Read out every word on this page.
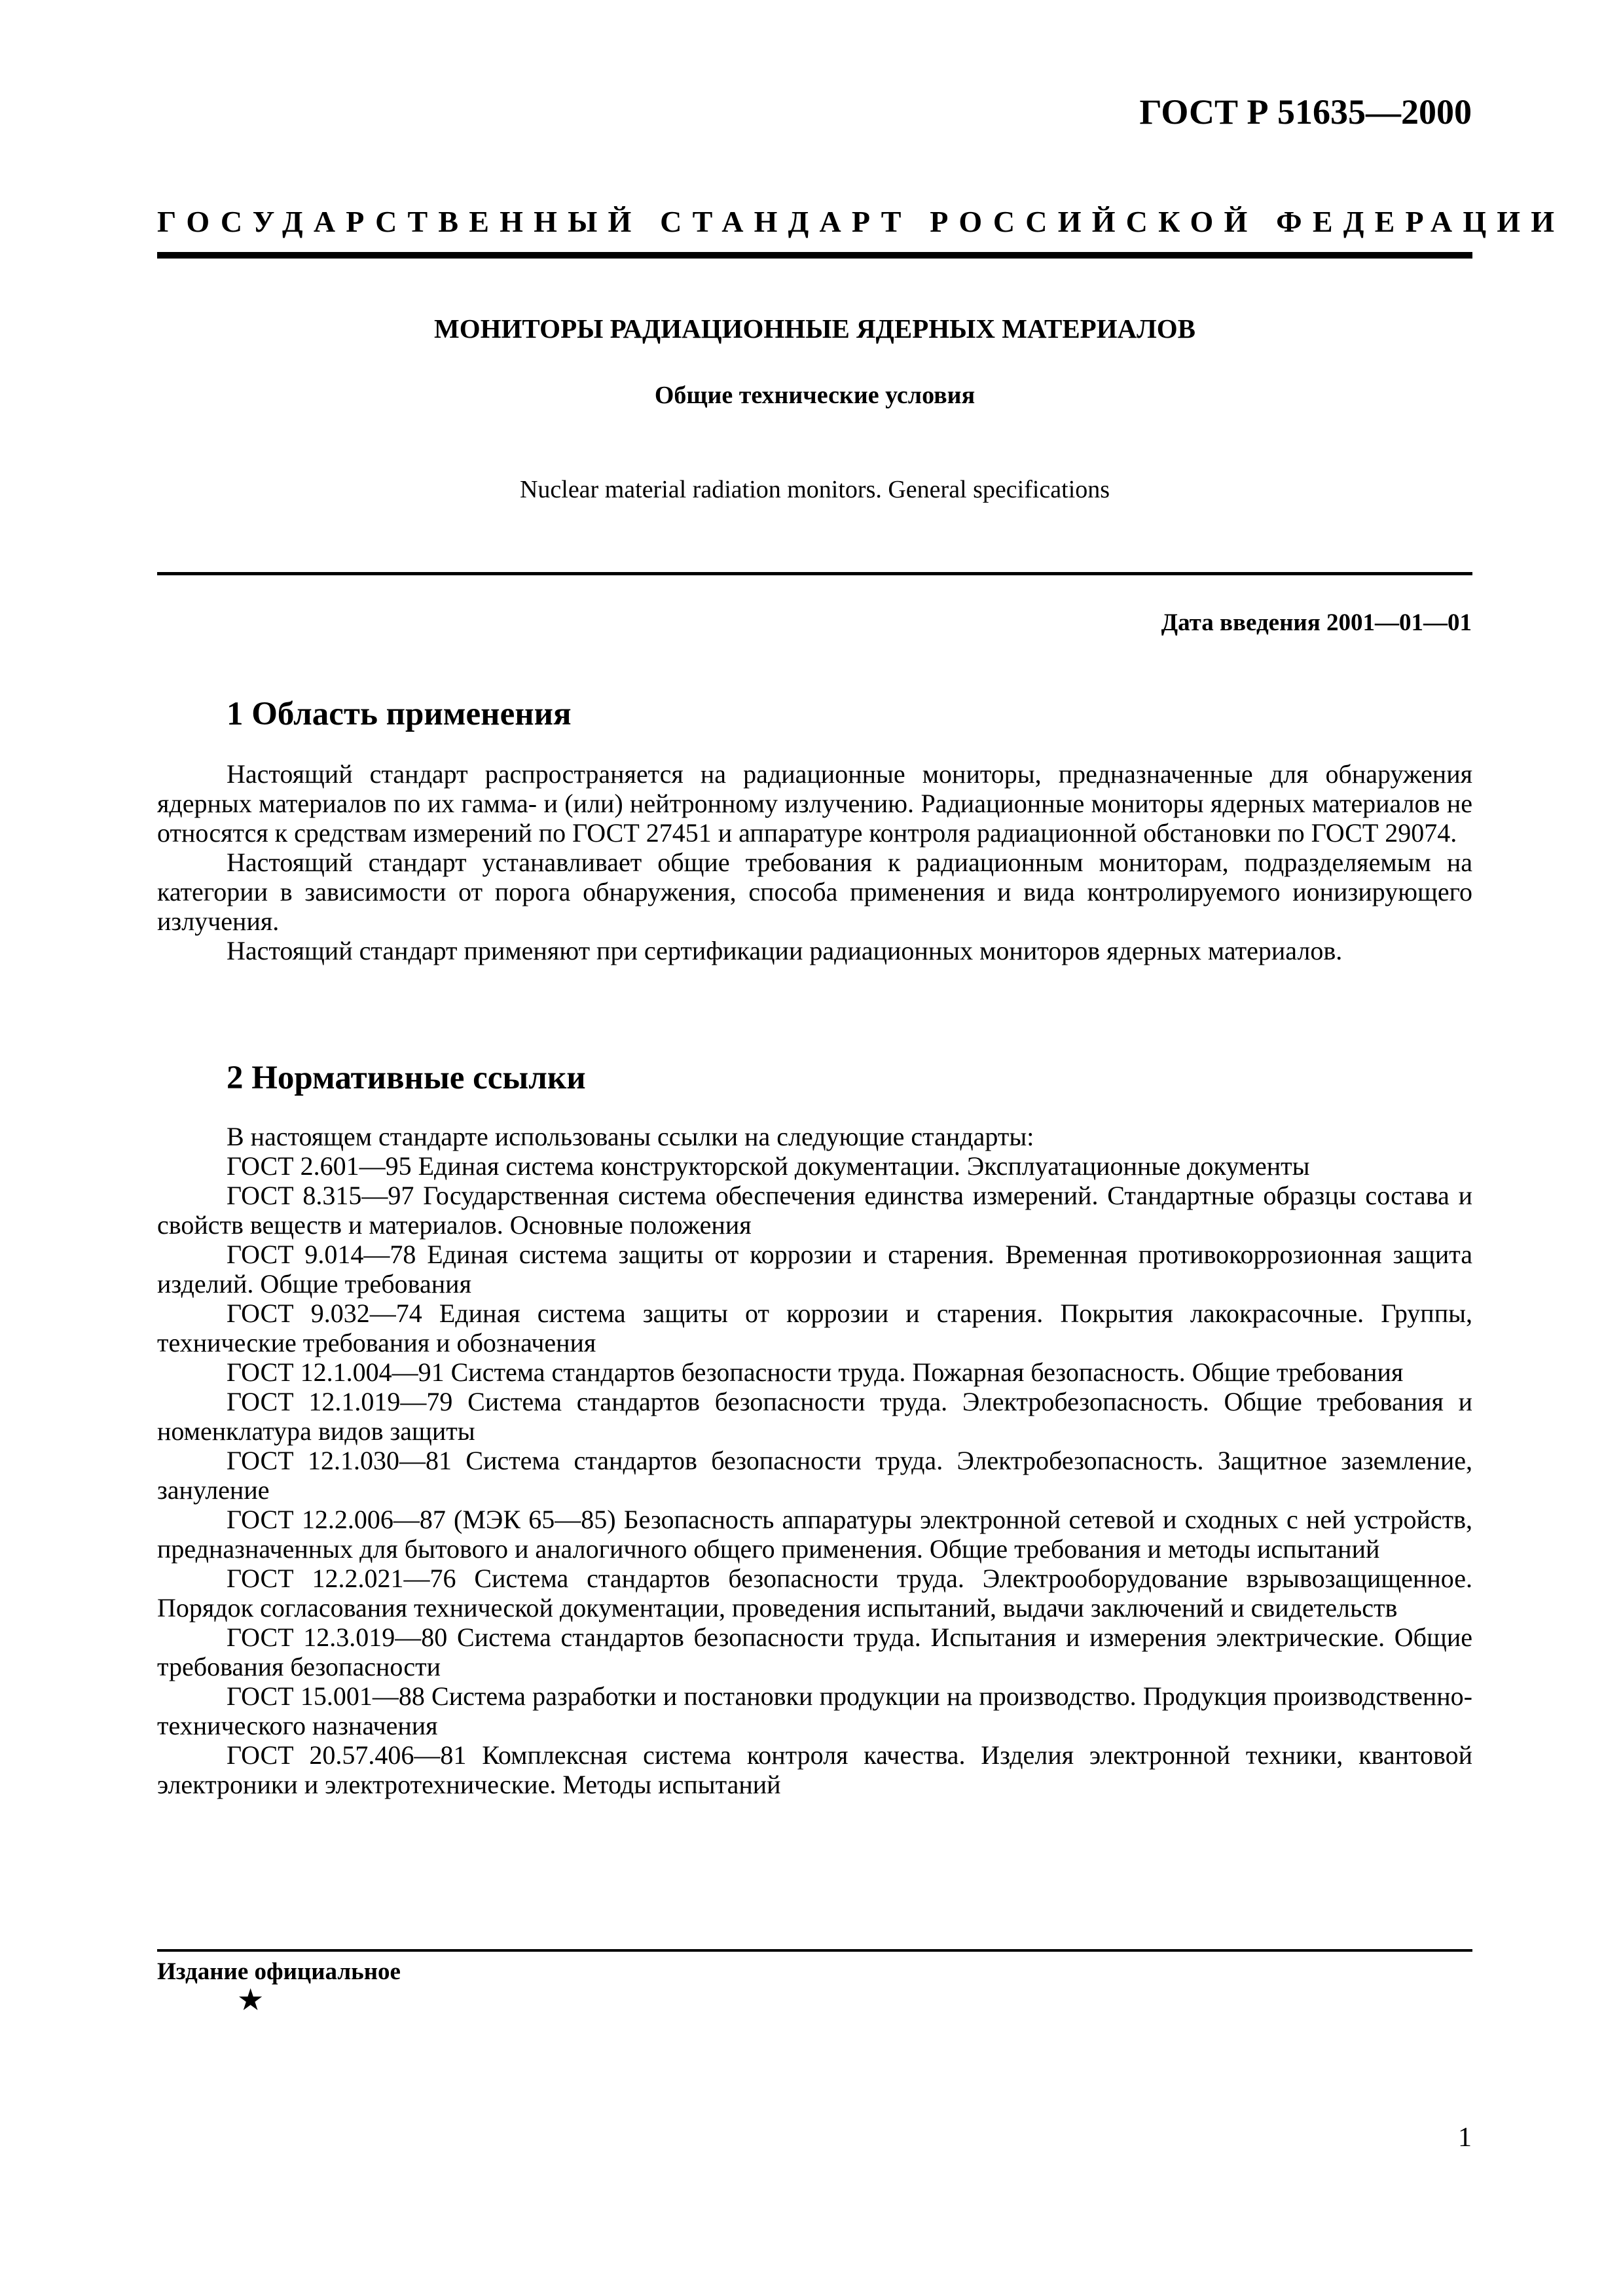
ГОСТ Р 51635—2000
ГОСУДАРСТВЕННЫЙ СТАНДАРТ РОССИЙСКОЙ ФЕДЕРАЦИИ
МОНИТОРЫ РАДИАЦИОННЫЕ ЯДЕРНЫХ МАТЕРИАЛОВ
Общие технические условия
Nuclear material radiation monitors. General specifications
Дата введения 2001—01—01
1 Область применения

Настоящий стандарт распространяется на радиационные мониторы, предназначенные для обнаружения ядерных материалов по их гамма- и (или) нейтронному излучению. Радиационные мониторы ядерных материалов не относятся к средствам измерений по ГОСТ 27451 и аппаратуре контроля радиационной обстановки по ГОСТ 29074.

Настоящий стандарт устанавливает общие требования к радиационным мониторам, подразделяемым на категории в зависимости от порога обнаружения, способа применения и вида контролируемого ионизирующего излучения.

Настоящий стандарт применяют при сертификации радиационных мониторов ядерных материалов.

2 Нормативные ссылки

В настоящем стандарте использованы ссылки на следующие стандарты:

ГОСТ 2.601—95 Единая система конструкторской документации. Эксплуатационные документы

ГОСТ 8.315—97 Государственная система обеспечения единства измерений. Стандартные образцы состава и свойств веществ и материалов. Основные положения

ГОСТ 9.014—78 Единая система защиты от коррозии и старения. Временная противокоррозионная защита изделий. Общие требования

ГОСТ 9.032—74 Единая система защиты от коррозии и старения. Покрытия лакокрасочные. Группы, технические требования и обозначения

ГОСТ 12.1.004—91 Система стандартов безопасности труда. Пожарная безопасность. Общие требования

ГОСТ 12.1.019—79 Система стандартов безопасности труда. Электробезопасность. Общие требования и номенклатура видов защиты

ГОСТ 12.1.030—81 Система стандартов безопасности труда. Электробезопасность. Защитное заземление, зануление

ГОСТ 12.2.006—87 (МЭК 65—85) Безопасность аппаратуры электронной сетевой и сходных с ней устройств, предназначенных для бытового и аналогичного общего применения. Общие требования и методы испытаний

ГОСТ 12.2.021—76 Система стандартов безопасности труда. Электрооборудование взрывозащищенное. Порядок согласования технической документации, проведения испытаний, выдачи заключений и свидетельств

ГОСТ 12.3.019—80 Система стандартов безопасности труда. Испытания и измерения электрические. Общие требования безопасности

ГОСТ 15.001—88 Система разработки и постановки продукции на производство. Продукция производственно-технического назначения

ГОСТ 20.57.406—81 Комплексная система контроля качества. Изделия электронной техники, квантовой электроники и электротехнические. Методы испытаний

Издание официальное
★
1
